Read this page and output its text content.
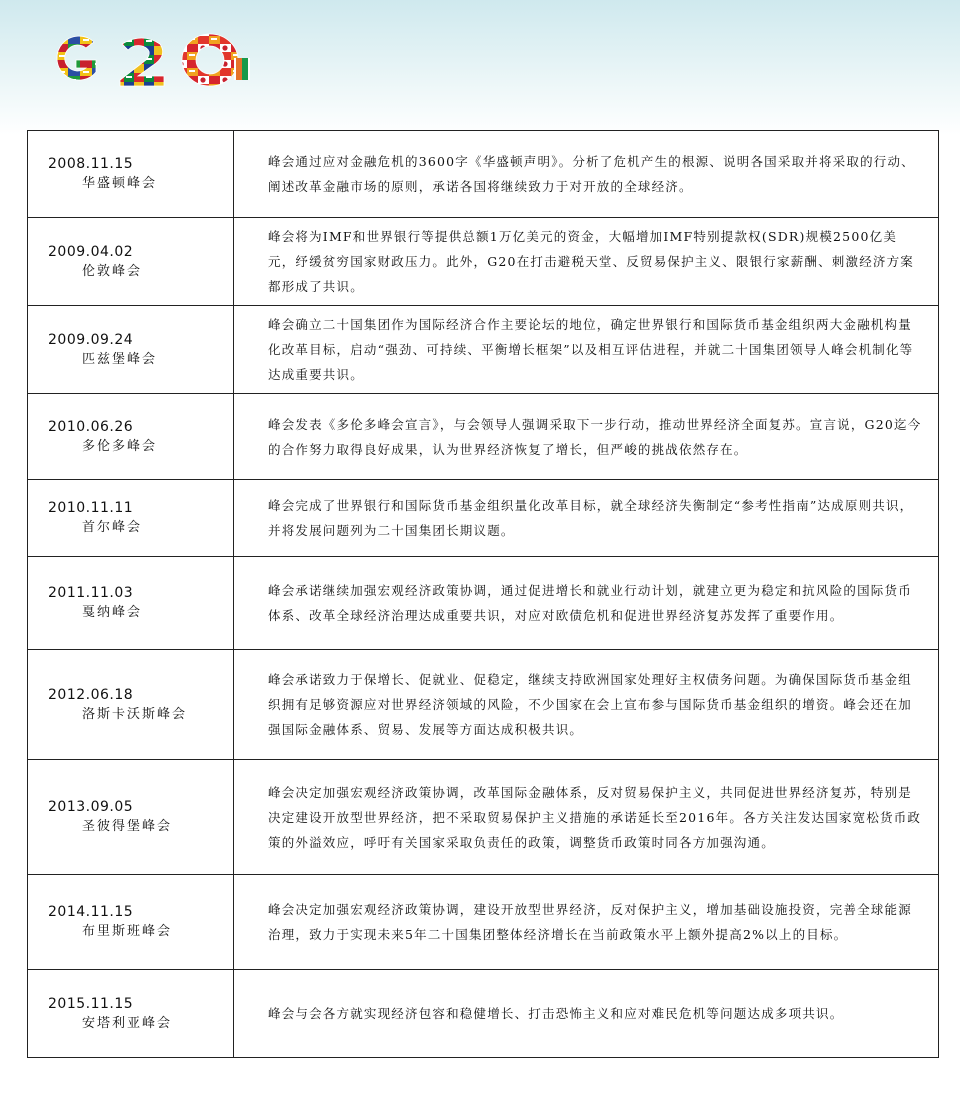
2008.11.15
华盛顿峰会	峰会通过应对金融危机的3600字《华盛顿声明》。分析了危机产生的根源、说明各国采取并将采取的行动、阐述改革金融市场的原则，承诺各国将继续致力于对开放的全球经济。

2009.04.02
伦敦峰会	峰会将为IMF和世界银行等提供总额1万亿美元的资金，大幅增加IMF特别提款权(SDR)规模2500亿美元，纾缓贫穷国家财政压力。此外，G20在打击避税天堂、反贸易保护主义、限银行家薪酬、刺激经济方案都形成了共识。

2009.09.24
匹兹堡峰会	峰会确立二十国集团作为国际经济合作主要论坛的地位，确定世界银行和国际货币基金组织两大金融机构量化改革目标，启动“强劲、可持续、平衡增长框架”以及相互评估进程，并就二十国集团领导人峰会机制化等达成重要共识。

2010.06.26
多伦多峰会	峰会发表《多伦多峰会宣言》，与会领导人强调采取下一步行动，推动世界经济全面复苏。宣言说，G20迄今的合作努力取得良好成果，认为世界经济恢复了增长，但严峻的挑战依然存在。

2010.11.11
首尔峰会	峰会完成了世界银行和国际货币基金组织量化改革目标，就全球经济失衡制定“参考性指南”达成原则共识，并将发展问题列为二十国集团长期议题。

2011.11.03
戛纳峰会	峰会承诺继续加强宏观经济政策协调，通过促进增长和就业行动计划，就建立更为稳定和抗风险的国际货币体系、改革全球经济治理达成重要共识，对应对欧债危机和促进世界经济复苏发挥了重要作用。

2012.06.18
洛斯卡沃斯峰会	峰会承诺致力于保增长、促就业、促稳定，继续支持欧洲国家处理好主权债务问题。为确保国际货币基金组织拥有足够资源应对世界经济领域的风险，不少国家在会上宣布参与国际货币基金组织的增资。峰会还在加强国际金融体系、贸易、发展等方面达成积极共识。

2013.09.05
圣彼得堡峰会	峰会决定加强宏观经济政策协调，改革国际金融体系，反对贸易保护主义，共同促进世界经济复苏，特别是决定建设开放型世界经济，把不采取贸易保护主义措施的承诺延长至2016年。各方关注发达国家宽松货币政策的外溢效应，呼吁有关国家采取负责任的政策，调整货币政策时同各方加强沟通。

2014.11.15
布里斯班峰会	峰会决定加强宏观经济政策协调，建设开放型世界经济，反对保护主义，增加基础设施投资，完善全球能源治理，致力于实现未来5年二十国集团整体经济增长在当前政策水平上额外提高2%以上的目标。

2015.11.15
安塔利亚峰会	峰会与会各方就实现经济包容和稳健增长、打击恐怖主义和应对难民危机等问题达成多项共识。
